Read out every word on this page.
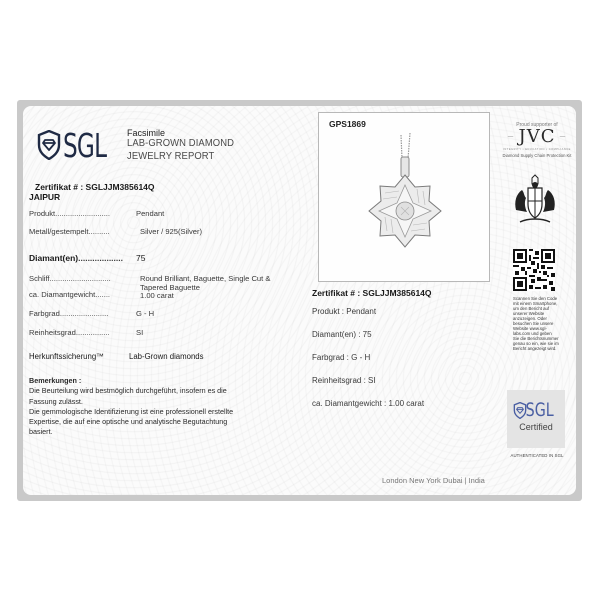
SGL	Facsimile
LAB-GROWN DIAMOND
JEWELRY REPORT
Zertifikat # : SGLJJM385614Q
JAIPUR
Produkt..........................	Pendant
Metall/gestempelt..........	Silver / 925(Silver)
Diamant(en)................... 75
Schliff.............................	Round Brilliant, Baguette, Single Cut &
Tapered Baguette
ca. Diamantgewicht.......	1.00 carat
Farbgrad.......................	G - H
Reinheitsgrad................	SI
Herkunftssicherung™	Lab-Grown diamonds
Bemerkungen :
Die Beurteilung wird bestmöglich durchgeführt, insofern es die
Fassung zulässt.
Die gemmologische Identifizierung ist eine professionell erstellte
Expertise, die auf eine optische und analytische Begutachtung
basiert.
GPS1869
Zertifikat # : SGLJJM385614Q
Produkt : Pendant
Diamant(en) : 75
Farbgrad : G - H
Reinheitsgrad : SI
ca. Diamantgewicht : 1.00 carat
Proud supporter of
— JVC —
INTEGRITY • EDUCATION • COMPLIANCE
Diamond Supply Chain Protection Kit
Scannen Sie den Code mit einem Smartphone, um den Bericht auf unserer Website anzuzeigen. Oder besuchen Sie unsere Website www.sgl-labs.com und geben Sie die Berichtsnummer genau so ein, wie sie im Bericht angezeigt wird.
SGL
Certified
AUTHENTICATED IN SGL
London New York Dubai | India
